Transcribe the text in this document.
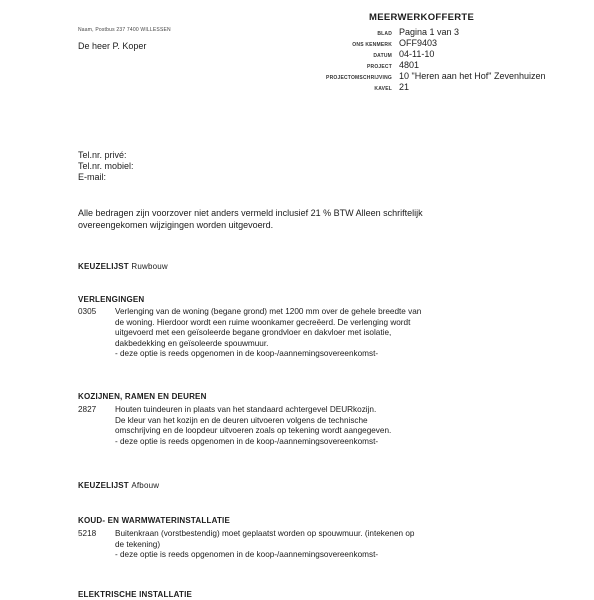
Naam, Postbus 237 7400 WILLESSEN
De heer P. Koper
MEERWERKOFFERTE
BLAD Pagina 1 van 3
ONS KENMERK OFF9403
DATUM 04-11-10
PROJECT 4801
PROJECTOMSCHRIJVING 10 "Heren aan het Hof" Zevenhuizen
KAVEL 21
Tel.nr. privé:
Tel.nr. mobiel:
E-mail:
Alle bedragen zijn voorzover niet anders vermeld inclusief 21 % BTW Alleen schriftelijk overeengekomen wijzigingen worden uitgevoerd.
KEUZELIJST Ruwbouw
VERLENGINGEN
0305	Verlenging van de woning (begane grond) met 1200 mm over de gehele breedte van
de woning. Hierdoor wordt een ruime woonkamer gecreëerd. De verlenging wordt
uitgevoerd met een geïsoleerde begane grondvloer en dakvloer met isolatie,
dakbedekking en geïsoleerde spouwmuur.
- deze optie is reeds opgenomen in de koop-/aannemingsovereenkomst-
KOZIJNEN, RAMEN EN DEUREN
2827	Houten tuindeuren in plaats van het standaard achtergevel DEURkozijn.
De kleur van het kozijn en de deuren uitvoeren volgens de technische
omschrijving en de loopdeur uitvoeren zoals op tekening wordt aangegeven.
- deze optie is reeds opgenomen in de koop-/aannemingsovereenkomst-
KEUZELIJST Afbouw
KOUD- EN WARMWATERINSTALLATIE
5218	Buitenkraan (vorstbestendig) moet geplaatst worden op spouwmuur. (intekenen op
de tekening)
- deze optie is reeds opgenomen in de koop-/aannemingsovereenkomst-
ELEKTRISCHE INSTALLATIE
